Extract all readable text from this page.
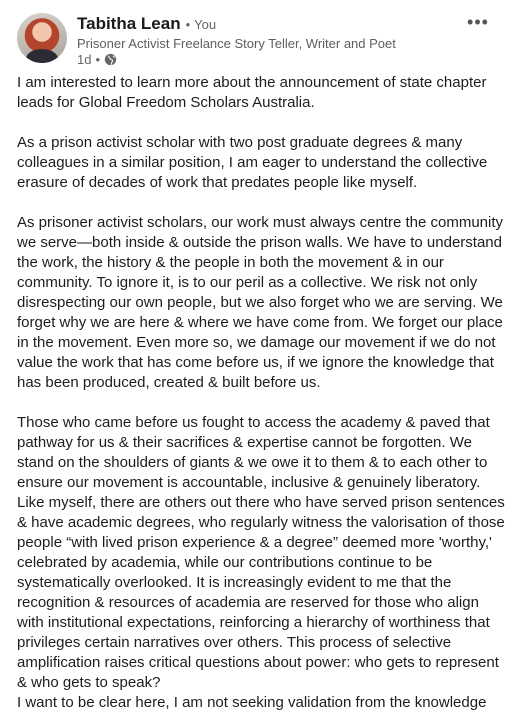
Tabitha Lean • You
Prisoner Activist Freelance Story Teller, Writer and Poet
1d •
•••

I am interested to learn more about the announcement of state chapter
leads for Global Freedom Scholars Australia.

As a prison activist scholar with two post graduate degrees & many
colleagues in a similar position, I am eager to understand the collective
erasure of decades of work that predates people like myself.

As prisoner activist scholars, our work must always centre the community
we serve—both inside & outside the prison walls. We have to understand
the work, the history & the people in both the movement & in our
community. To ignore it, is to our peril as a collective. We risk not only
disrespecting our own people, but we also forget who we are serving. We
forget why we are here & where we have come from. We forget our place
in the movement. Even more so, we damage our movement if we do not
value the work that has come before us, if we ignore the knowledge that
has been produced, created & built before us.

Those who came before us fought to access the academy & paved that
pathway for us & their sacrifices & expertise cannot be forgotten. We
stand on the shoulders of giants & we owe it to them & to each other to
ensure our movement is accountable, inclusive & genuinely liberatory.
Like myself, there are others out there who have served prison sentences
& have academic degrees, who regularly witness the valorisation of those
people “with lived prison experience & a degree” deemed more 'worthy,'
celebrated by academia, while our contributions continue to be
systematically overlooked. It is increasingly evident to me that the
recognition & resources of academia are reserved for those who align
with institutional expectations, reinforcing a hierarchy of worthiness that
privileges certain narratives over others. This process of selective
amplification raises critical questions about power: who gets to represent
& who gets to speak?

I want to be clear here, I am not seeking validation from the knowledge
